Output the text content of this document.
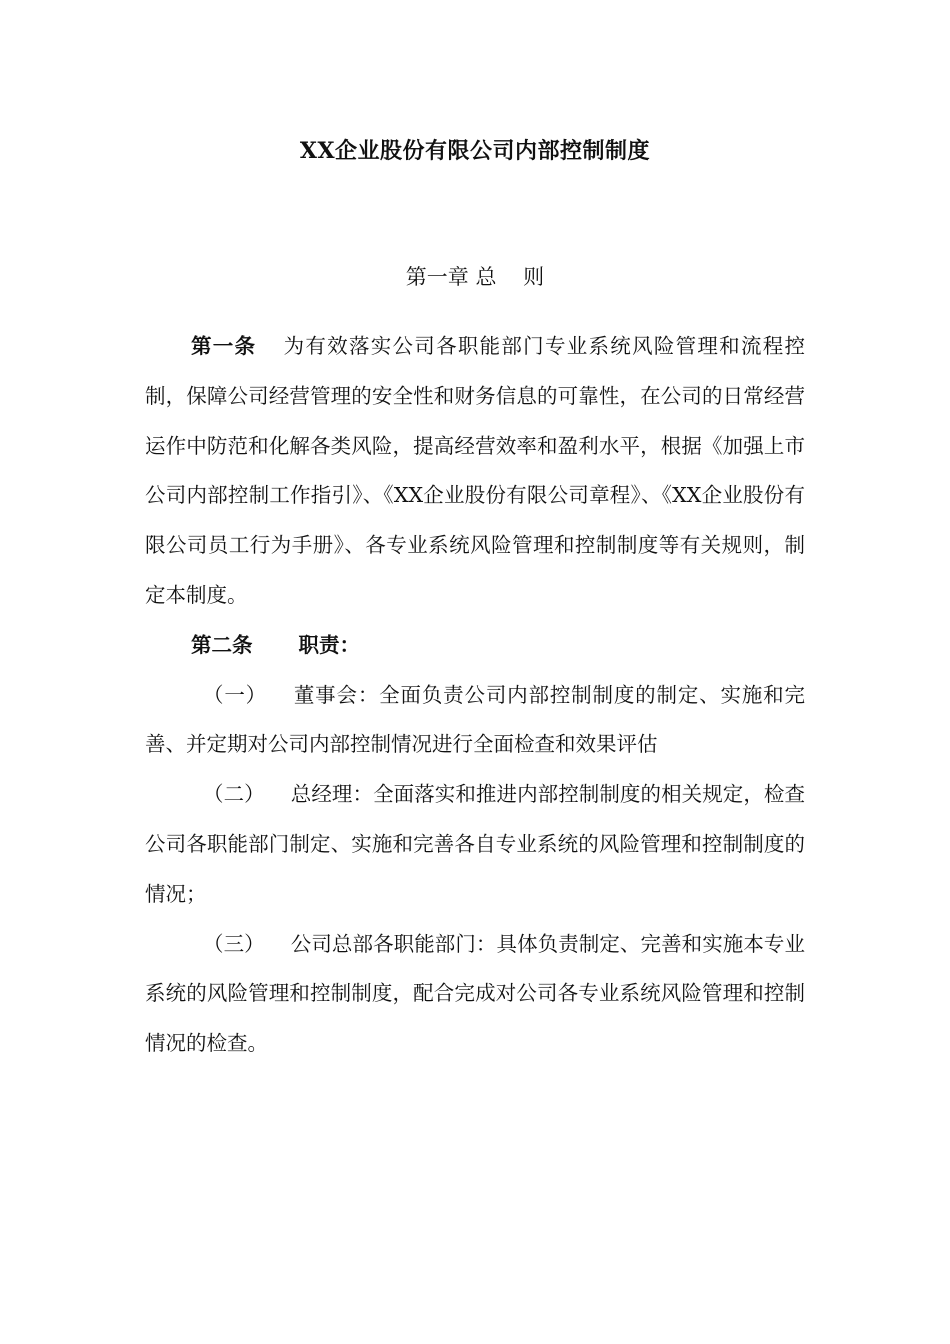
XX企业股份有限公司内部控制制度
第一章 总    则

第一条 为有效落实公司各职能部门专业系统风险管理和流程控制，保障公司经营管理的安全性和财务信息的可靠性，在公司的日常经营运作中防范和化解各类风险，提高经营效率和盈利水平，根据《加强上市公司内部控制工作指引》、《XX企业股份有限公司章程》、《XX企业股份有限公司员工行为手册》、各专业系统风险管理和控制制度等有关规则，制定本制度。

第二条 职责：

（一） 董事会：全面负责公司内部控制制度的制定、实施和完善、并定期对公司内部控制情况进行全面检查和效果评估

（二） 总经理：全面落实和推进内部控制制度的相关规定，检查公司各职能部门制定、实施和完善各自专业系统的风险管理和控制制度的情况；

（三） 公司总部各职能部门：具体负责制定、完善和实施本专业系统的风险管理和控制制度，配合完成对公司各专业系统风险管理和控制情况的检查。
